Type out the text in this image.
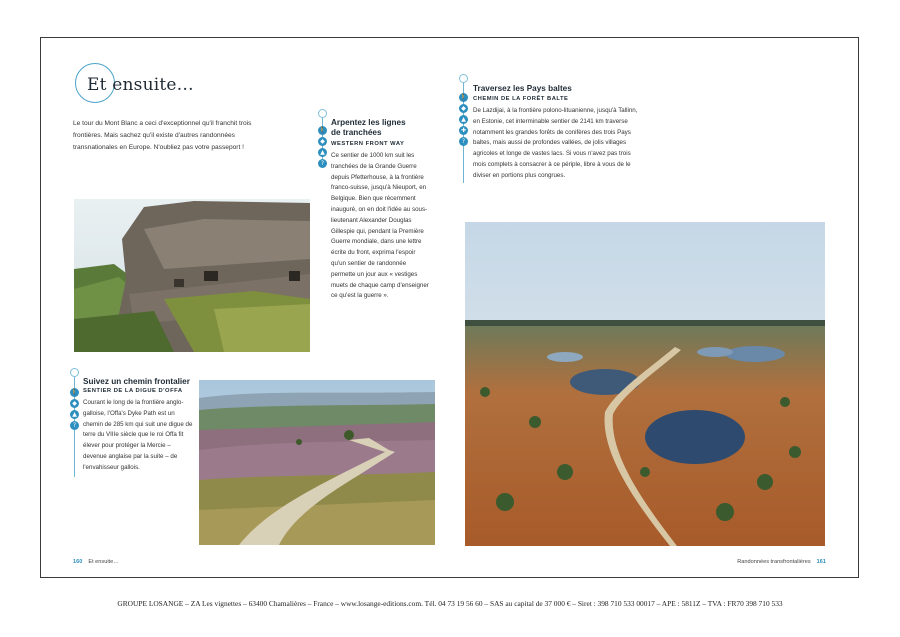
Et ensuite…
Le tour du Mont Blanc a ceci d'exceptionnel qu'il franchit trois frontières. Mais sachez qu'il existe d'autres randonnées transnationales en Europe. N'oubliez pas votre passeport !
🚶
◆
▲
?
Arpentez les lignes de tranchées
WESTERN FRONT WAY
Ce sentier de 1000 km suit les tranchées de la Grande Guerre depuis Pfetterhouse, à la frontière franco-suisse, jusqu'à Nieuport, en Belgique. Bien que récemment inauguré, on en doit l'idée au sous-lieutenant Alexander Douglas Gillespie qui, pendant la Première Guerre mondiale, dans une lettre écrite du front, exprima l'espoir qu'un sentier de randonnée permette un jour aux « vestiges muets de chaque camp d'enseigner ce qu'est la guerre ».
🚶
◆
▲
✚
?
Traversez les Pays baltes
CHEMIN DE LA FORÊT BALTE
De Lazdijai, à la frontière polono-lituanienne, jusqu'à Tallinn, en Estonie, cet interminable sentier de 2141 km traverse notamment les grandes forêts de conifères des trois Pays baltes, mais aussi de profondes vallées, de jolis villages agricoles et longe de vastes lacs. Si vous n'avez pas trois mois complets à consacrer à ce périple, libre à vous de le diviser en portions plus congrues.
🚶
◆
▲
?
Suivez un chemin frontalier
SENTIER DE LA DIGUE D'OFFA
Courant le long de la frontière anglo-galloise, l'Offa's Dyke Path est un chemin de 285 km qui suit une digue de terre du VIIIe siècle que le roi Offa fit élever pour protéger la Mercie – devenue anglaise par la suite – de l'envahisseur gallois.
160 Et ensuite…	Randonnées transfrontalières 161
GROUPE LOSANGE – ZA Les vignettes – 63400 Chamalières – France – www.losange-editions.com. Tél. 04 73 19 56 60 – SAS au capital de 37 000 € – Siret : 398 710 533 00017 – APE : 5811Z – TVA : FR70 398 710 533
